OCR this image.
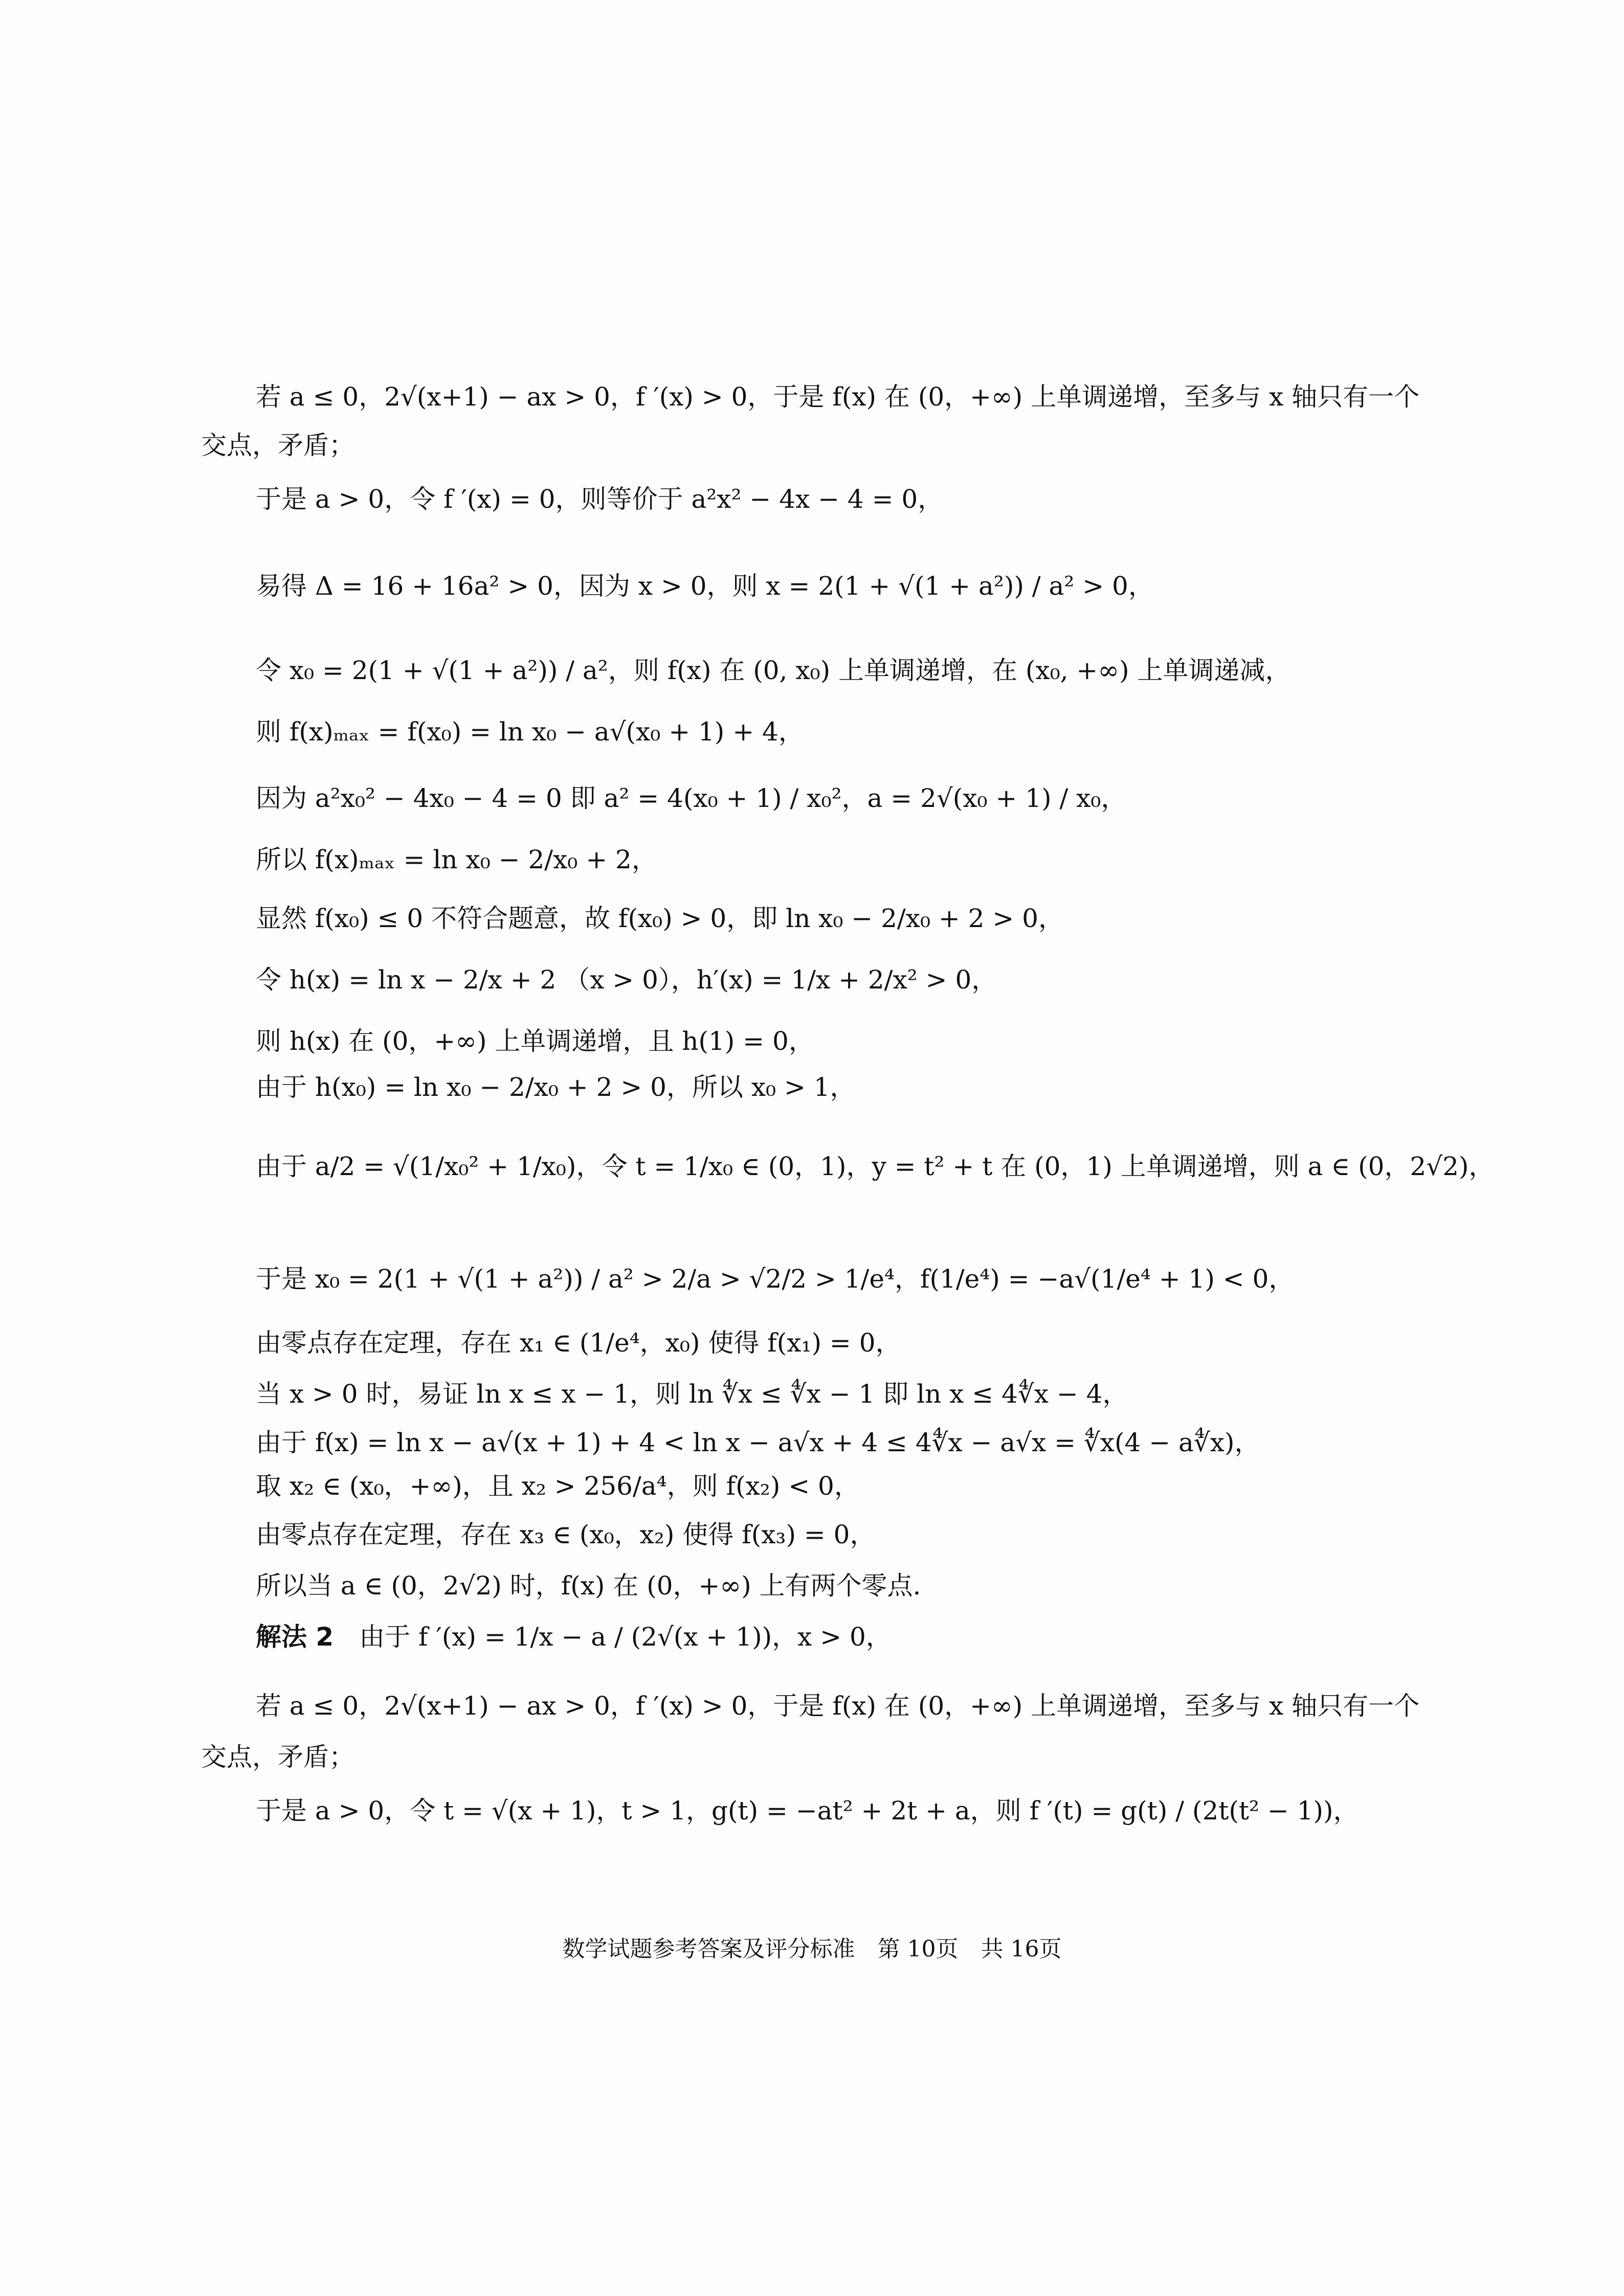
若 a ≤ 0，2√(x+1) − ax > 0，f ′(x) > 0，于是 f(x) 在 (0，+∞) 上单调递增，至多与 x 轴只有一个
交点，矛盾；
于是 a > 0，令 f ′(x) = 0，则等价于 a²x² − 4x − 4 = 0，
易得 Δ = 16 + 16a² > 0，因为 x > 0，则 x = 2(1 + √(1 + a²)) / a² > 0，
令 x₀ = 2(1 + √(1 + a²)) / a²，则 f(x) 在 (0, x₀) 上单调递增，在 (x₀, +∞) 上单调递减，
则 f(x)ₘₐₓ = f(x₀) = ln x₀ − a√(x₀ + 1) + 4，
因为 a²x₀² − 4x₀ − 4 = 0 即 a² = 4(x₀ + 1) / x₀²，a = 2√(x₀ + 1) / x₀，
所以 f(x)ₘₐₓ = ln x₀ − 2/x₀ + 2，
显然 f(x₀) ≤ 0 不符合题意，故 f(x₀) > 0，即 ln x₀ − 2/x₀ + 2 > 0，
令 h(x) = ln x − 2/x + 2 （x > 0），h′(x) = 1/x + 2/x² > 0，
则 h(x) 在 (0，+∞) 上单调递增，且 h(1) = 0，
由于 h(x₀) = ln x₀ − 2/x₀ + 2 > 0，所以 x₀ > 1，
由于 a/2 = √(1/x₀² + 1/x₀)，令 t = 1/x₀ ∈ (0，1)，y = t² + t 在 (0，1) 上单调递增，则 a ∈ (0，2√2)，
于是 x₀ = 2(1 + √(1 + a²)) / a² > 2/a > √2/2 > 1/e⁴，f(1/e⁴) = −a√(1/e⁴ + 1) < 0，
由零点存在定理，存在 x₁ ∈ (1/e⁴，x₀) 使得 f(x₁) = 0，
当 x > 0 时，易证 ln x ≤ x − 1，则 ln ∜x ≤ ∜x − 1 即 ln x ≤ 4∜x − 4，
由于 f(x) = ln x − a√(x + 1) + 4 < ln x − a√x + 4 ≤ 4∜x − a√x = ∜x(4 − a∜x)，
取 x₂ ∈ (x₀，+∞)，且 x₂ > 256/a⁴，则 f(x₂) < 0，
由零点存在定理，存在 x₃ ∈ (x₀，x₂) 使得 f(x₃) = 0，
所以当 a ∈ (0，2√2) 时，f(x) 在 (0，+∞) 上有两个零点.
解法 2　 由于 f ′(x) = 1/x − a / (2√(x + 1))，x > 0，
若 a ≤ 0，2√(x+1) − ax > 0，f ′(x) > 0，于是 f(x) 在 (0，+∞) 上单调递增，至多与 x 轴只有一个
交点，矛盾；
于是 a > 0，令 t = √(x + 1)，t > 1，g(t) = −at² + 2t + a，则 f ′(t) = g(t) / (2t(t² − 1))，
数学试题参考答案及评分标准　第 10页　共 16页
